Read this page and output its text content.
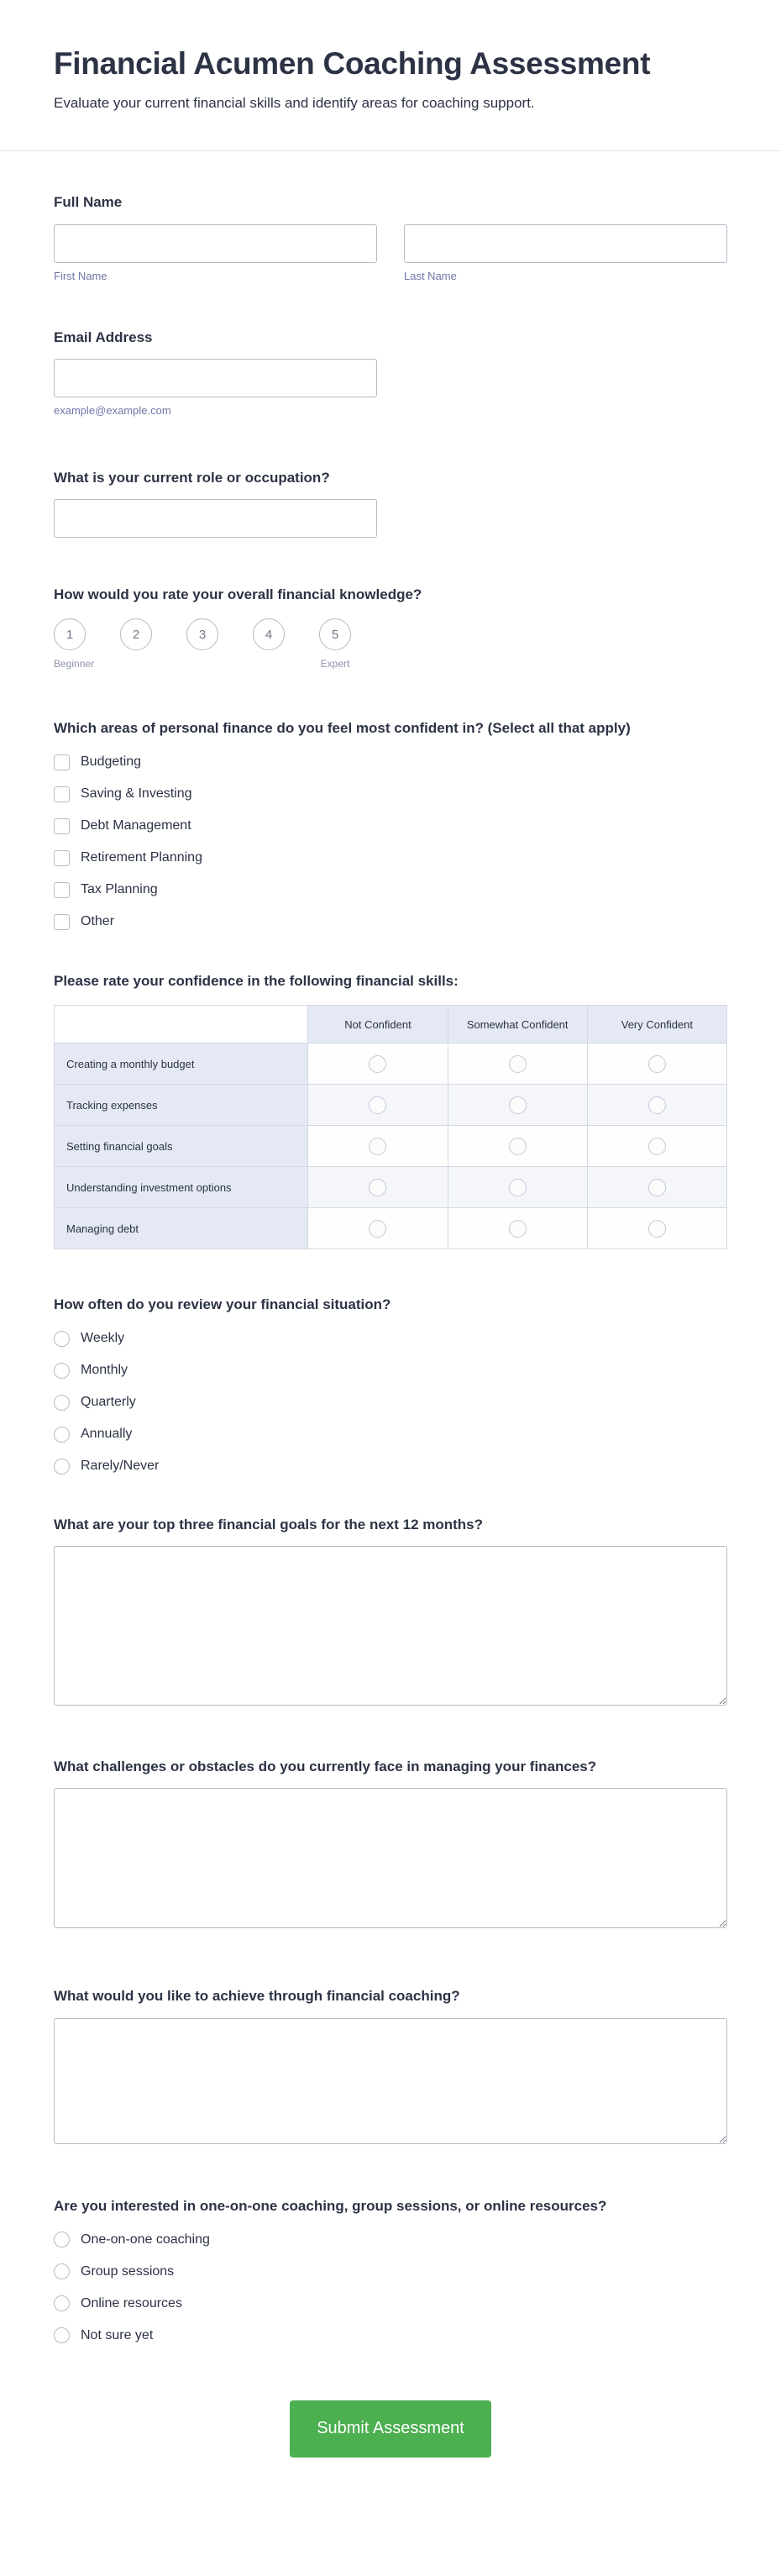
Financial Acumen Coaching Assessment
Evaluate your current financial skills and identify areas for coaching support.
Full Name
First Name	Last Name
Email Address
example@example.com
What is your current role or occupation?
How would you rate your overall financial knowledge?
1	2	3	4	5
Beginner	Expert
Which areas of personal finance do you feel most confident in? (Select all that apply)
Budgeting
Saving & Investing
Debt Management
Retirement Planning
Tax Planning
Other
Please rate your confidence in the following financial skills:
	Not Confident	Somewhat Confident	Very Confident
Creating a monthly budget			
Tracking expenses			
Setting financial goals			
Understanding investment options			
Managing debt			
How often do you review your financial situation?
Weekly
Monthly
Quarterly
Annually
Rarely/Never
What are your top three financial goals for the next 12 months?
What challenges or obstacles do you currently face in managing your finances?
What would you like to achieve through financial coaching?
Are you interested in one-on-one coaching, group sessions, or online resources?
One-on-one coaching
Group sessions
Online resources
Not sure yet
Submit Assessment
